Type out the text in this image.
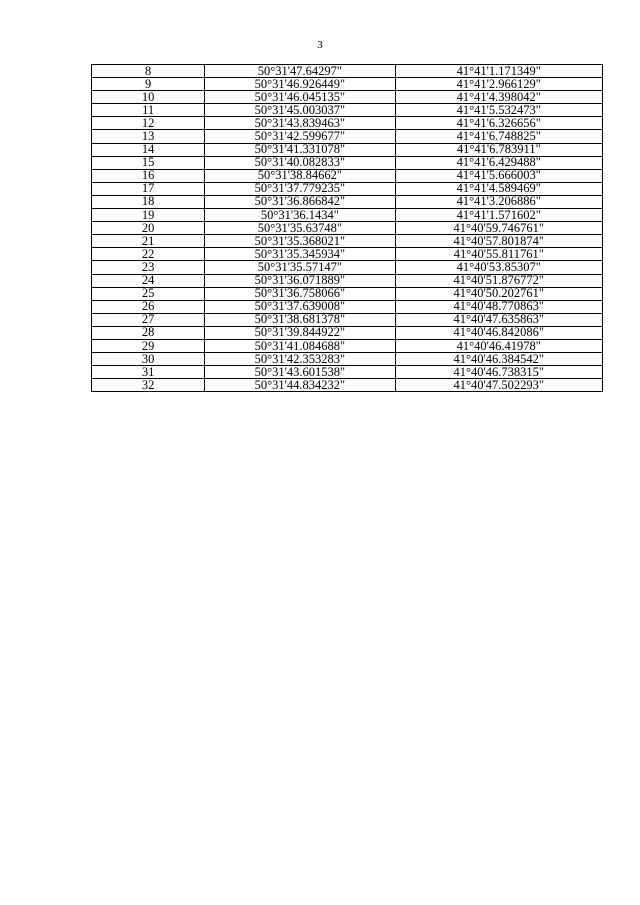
3
8	50°31'47.64297"	41°41'1.171349"
9	50°31'46.926449"	41°41'2.966129"
10	50°31'46.045135"	41°41'4.398042"
11	50°31'45.003037"	41°41'5.532473"
12	50°31'43.839463"	41°41'6.326656"
13	50°31'42.599677"	41°41'6.748825"
14	50°31'41.331078"	41°41'6.783911"
15	50°31'40.082833"	41°41'6.429488"
16	50°31'38.84662"	41°41'5.666003"
17	50°31'37.779235"	41°41'4.589469"
18	50°31'36.866842"	41°41'3.206886"
19	50°31'36.1434"	41°41'1.571602"
20	50°31'35.63748"	41°40'59.746761"
21	50°31'35.368021"	41°40'57.801874"
22	50°31'35.345934"	41°40'55.811761"
23	50°31'35.57147"	41°40'53.85307"
24	50°31'36.071889"	41°40'51.876772"
25	50°31'36.758066"	41°40'50.202761"
26	50°31'37.639008"	41°40'48.770863"
27	50°31'38.681378"	41°40'47.635863"
28	50°31'39.844922"	41°40'46.842086"
29	50°31'41.084688"	41°40'46.41978"
30	50°31'42.353283"	41°40'46.384542"
31	50°31'43.601538"	41°40'46.738315"
32	50°31'44.834232"	41°40'47.502293"
